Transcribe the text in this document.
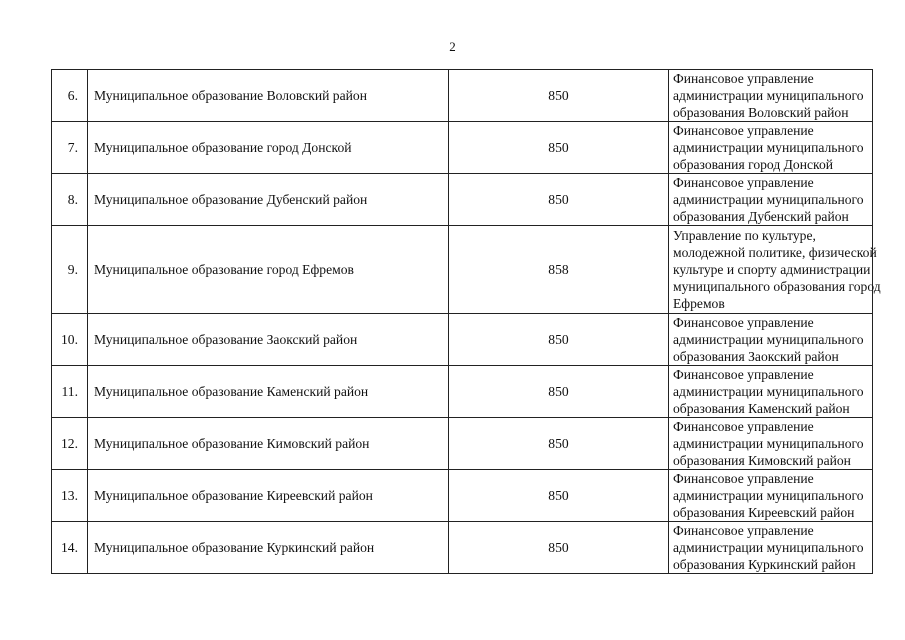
2
6.	Муниципальное образование Воловский район	850	Финансовое управление
администрации муниципального
образования Воловский район

7.	Муниципальное образование город Донской	850	Финансовое управление
администрации муниципального
образования город Донской

8.	Муниципальное образование Дубенский район	850	Финансовое управление
администрации муниципального
образования Дубенский район

9.	Муниципальное образование город Ефремов	858	Управление по культуре,
молодежной политике, физической
культуре и спорту администрации
муниципального образования город
Ефремов

10.	Муниципальное образование Заокский район	850	Финансовое управление
администрации муниципального
образования Заокский район

11.	Муниципальное образование Каменский район	850	Финансовое управление
администрации муниципального
образования Каменский район

12.	Муниципальное образование Кимовский район	850	Финансовое управление
администрации муниципального
образования Кимовский район

13.	Муниципальное образование Киреевский район	850	Финансовое управление
администрации муниципального
образования Киреевский район

14.	Муниципальное образование Куркинский район	850	Финансовое управление
администрации муниципального
образования Куркинский район
